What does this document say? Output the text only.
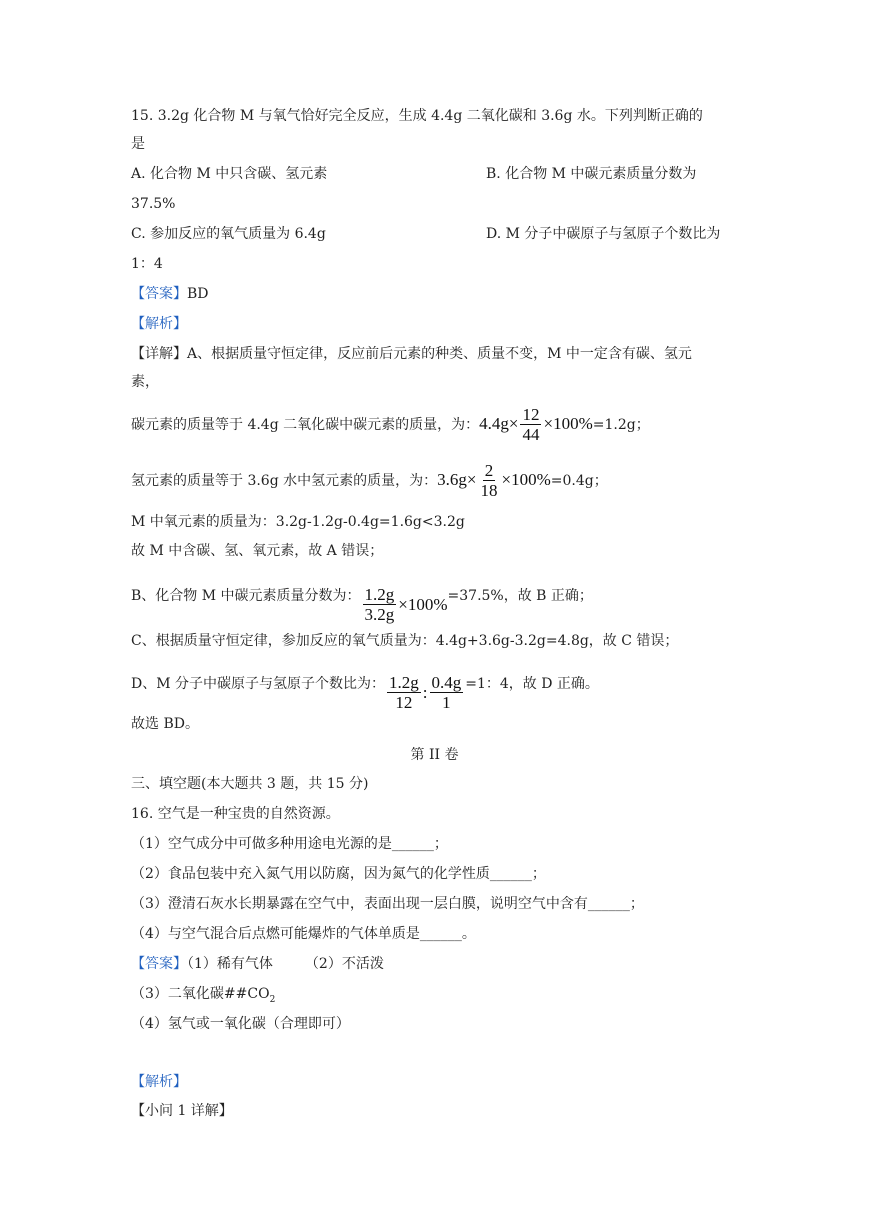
15. 3.2g 化合物 M 与氧气恰好完全反应，生成 4.4g 二氧化碳和 3.6g 水。下列判断正确的
是
A. 化合物 M 中只含碳、氢元素	B. 化合物 M 中碳元素质量分数为
37.5%
C. 参加反应的氧气质量为 6.4g	D. M 分子中碳原子与氢原子个数比为
1：4
【答案】BD
【解析】
【详解】A、根据质量守恒定律，反应前后元素的种类、质量不变，M 中一定含有碳、氢元
素，
碳元素的质量等于 4.4g 二氧化碳中碳元素的质量，为： $4.4g \times \frac{12}{44} \times 100\% =1.2g$；
氢元素的质量等于 3.6g 水中氢元素的质量，为： $3.6g \times \frac{2}{18} \times 100\% =0.4g$；
M 中氧元素的质量为：3.2g-1.2g-0.4g=1.6g<3.2g
故 M 中含碳、氢、氧元素，故 A 错误；
B、化合物 M 中碳元素质量分数为： $\frac{1.2g}{3.2g} \times 100\% =37.5\%$，故 B 正确；
C、根据质量守恒定律，参加反应的氧气质量为：4.4g+3.6g-3.2g=4.8g，故 C 错误；
D、M 分子中碳原子与氢原子个数比为： $\frac{1.2g}{12}$ : $\frac{0.4g}{1} =1$：4，故 D 正确。
故选 BD。
第 II 卷
三、填空题(本大题共 3 题，共 15 分)
16. 空气是一种宝贵的自然资源。
（1）空气成分中可做多种用途电光源的是______；
（2）食品包装中充入氮气用以防腐，因为氮气的化学性质______；
（3）澄清石灰水长期暴露在空气中，表面出现一层白膜，说明空气中含有______；
（4）与空气混合后点燃可能爆炸的气体单质是______。
【答案】（1）稀有气体 （2）不活泼
（3）二氧化碳$\#\#CO_2$
（4）氢气或一氧化碳（合理即可）
【解析】
【小问 1 详解】
